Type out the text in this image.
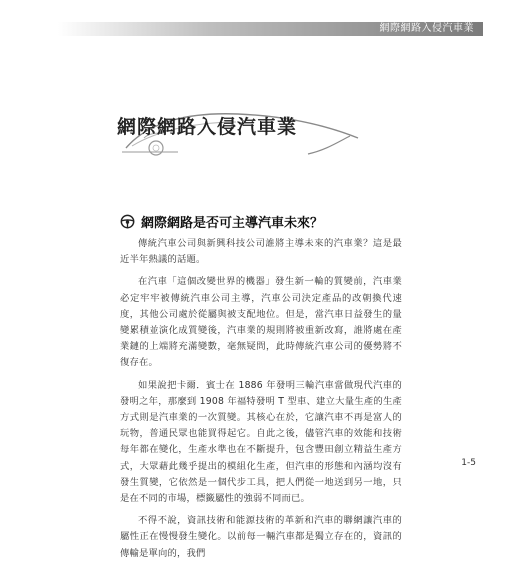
網際網路入侵汽車業
網際網路入侵汽車業
網際網路是否可主導汽車未來？

傳統汽車公司與新興科技公司誰將主導未來的汽車業？這是最近半年熱議的話題。

在汽車「這個改變世界的機器」發生新一輪的質變前，汽車業必定牢牢被傳統汽車公司主導，汽車公司決定產品的改朝換代速度，其他公司處於從屬與被支配地位。但是，當汽車日益發生的量變累積並演化成質變後，汽車業的規則將被重新改寫，誰將處在產業鏈的上端將充滿變數，毫無疑問，此時傳統汽車公司的優勢將不復存在。

如果說把卡爾．賓士在 1886 年發明三輪汽車當做現代汽車的發明之年，那麼到 1908 年福特發明 T 型車、建立大量生產的生產方式則是汽車業的一次質變。其核心在於，它讓汽車不再是富人的玩物，普通民眾也能買得起它。自此之後，儘管汽車的效能和技術每年都在變化，生產水準也在不斷提升，包含豐田創立精益生產方式，大眾藉此幾乎提出的模組化生產，但汽車的形態和內涵均沒有發生質變，它依然是一個代步工具，把人們從一地送到另一地，只是在不同的市場，標籤屬性的強弱不同而已。

不得不說，資訊技術和能源技術的革新和汽車的聯網讓汽車的屬性正在慢慢發生變化。以前每一輛汽車都是獨立存在的，資訊的傳輸是單向的，我們

1-5
